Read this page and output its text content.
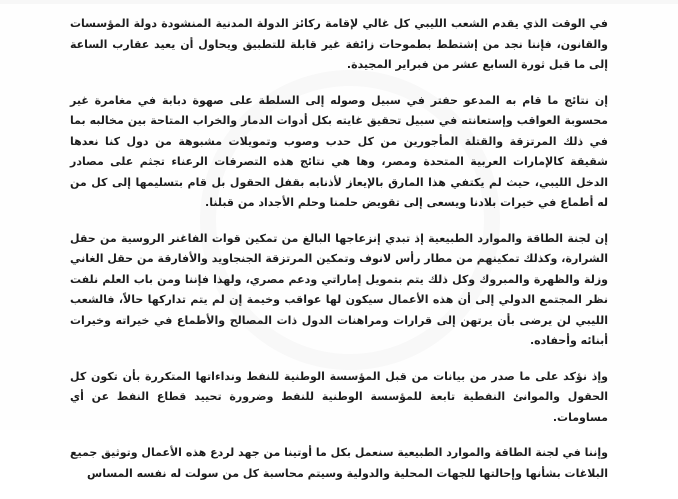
في الوقت الذي يقدم الشعب الليبي كل غالي لإقامة ركائز الدولة المدنية المنشودة دولة المؤسسات والقانون، فإننا نجد من إشتطط بطموحات زائفة غير قابلة للتطبيق ويحاول أن يعيد عقارب الساعة إلى ما قبل ثورة السابع عشر من فبراير المجيدة.

إن نتائج ما قام به المدعو حفتر في سبيل وصوله إلى السلطة على صهوة دبابة في مغامرة غير محسوبة العواقب وإستعانته في سبيل تحقيق غايته بكل أدوات الدمار والخراب المتاحة بين مخالبه بما في ذلك المرتزقة والقتلة المأجورين من كل حدب وصوب وتمويلات مشبوهة من دول كنا نعدها شقيقة كالإمارات العربية المتحدة ومصر، وها هي نتائج هذه التصرفات الرعناء تجثم على مصادر الدخل الليبي، حيث لم يكتفي هذا المارق بالإيعاز لأذنابه بقفل الحقول بل قام بتسليمها إلى كل من له أطماع في خيرات بلادنا ويسعى إلى تقويض حلمنا وحلم الأجداد من قبلنا.

إن لجنة الطاقة والموارد الطبيعية إذ تبدي إنزعاجها البالغ من تمكين قوات الفاغنر الروسية من حقل الشرارة، وكذلك تمكينهم من مطار رأس لانوف وتمكين المرتزقة الجنجاويد والأفارقة من حقل الغاني وزلة والظهرة والمبروك وكل ذلك يتم بتمويل إماراتي ودعم مصري، ولهذا فإننا ومن باب العلم نلفت نظر المجتمع الدولي إلى أن هذه الأعمال سيكون لها عواقب وخيمة إن لم يتم تداركها حالاً، فالشعب الليبي لن يرضى بأن يرتهن إلى قرارات ومراهنات الدول ذات المصالح والأطماع في خيراته وخيرات أبنائه وأحفاده.

وإذ نؤكد على ما صدر من بيانات من قبل المؤسسة الوطنية للنفط ونداءاتها المتكررة بأن تكون كل الحقول والموانئ النفطية تابعة للمؤسسة الوطنية للنفط وضرورة تحييد قطاع النفط عن أي مساومات.

وإننا في لجنة الطاقة والموارد الطبيعية سنعمل بكل ما أوتينا من جهد لردع هذه الأعمال وتوثيق جميع البلاغات بشأنها وإحالتها للجهات المحلية والدولية وسيتم محاسبة كل من سولت له نفسه المساس
